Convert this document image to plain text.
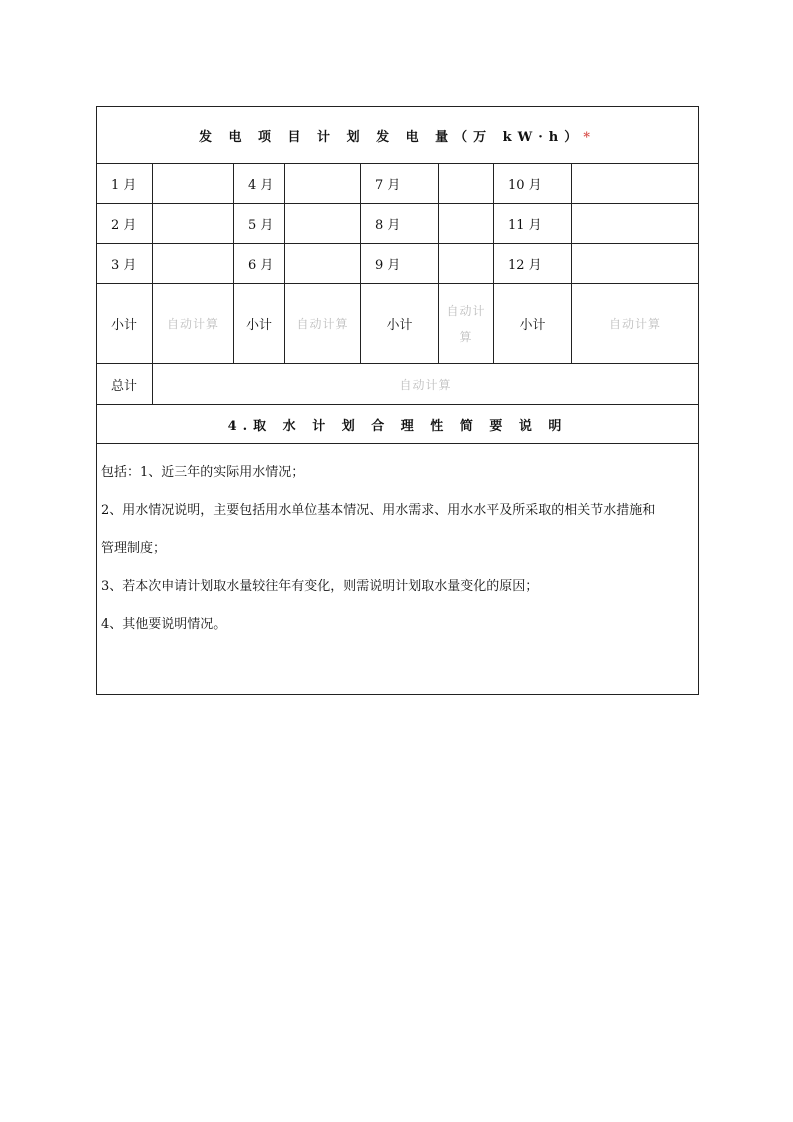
发 电 项 目 计 划 发 电 量（万 kW·h）*							
1 月		4 月		7 月		10 月	
2 月		5 月		8 月		11 月	
3 月		6 月		9 月		12 月	
小计	自动计算	小计	自动计算	小计	自动计
算	小计	自动计算
总计	自动计算						
4.取 水 计 划 合 理 性 简 要 说 明							

包括：1、近三年的实际用水情况；
2、用水情况说明，主要包括用水单位基本情况、用水需求、用水水平及所采取的相关节水措施和
管理制度；
3、若本次申请计划取水量较往年有变化，则需说明计划取水量变化的原因；
4、其他要说明情况。							
